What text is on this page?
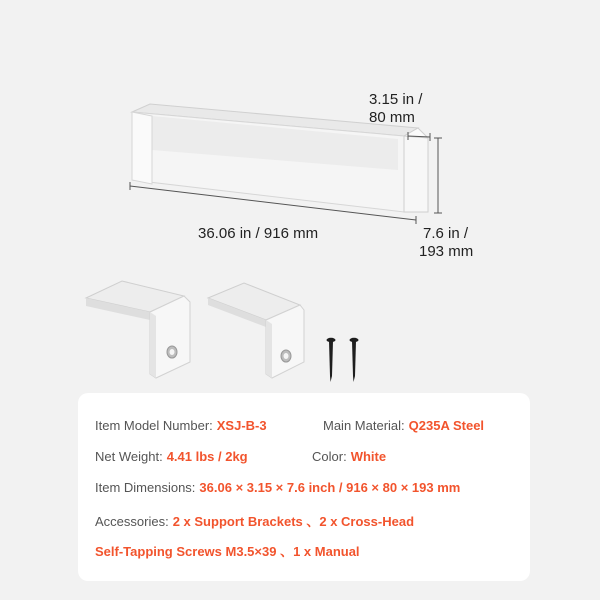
3.15 in /
80 mm
36.06 in / 916 mm	7.6 in /
193 mm
Item Model Number: XSJ-B-3	Main Material: Q235A Steel
Net Weight: 4.41 lbs / 2kg	Color: White
Item Dimensions: 36.06 × 3.15 × 7.6 inch / 916 × 80 × 193 mm
Accessories: 2 x Support Brackets 、2 x Cross-Head
Self-Tapping Screws M3.5×39 、1 x Manual
